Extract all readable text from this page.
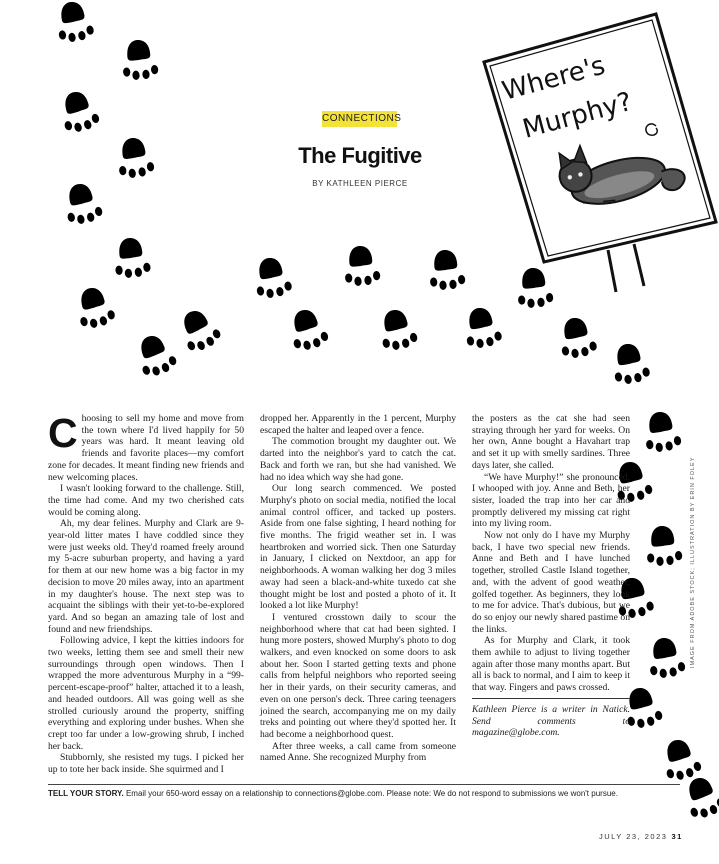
Where's
Murphy?
CONNECTIONS
The Fugitive
BY KATHLEEN PIERCE

Choosing to sell my home and move from the town where I'd lived happily for 50 years was hard. It meant leaving old friends and favorite places—my comfort zone for decades. It meant finding new friends and new welcoming places.

I wasn't looking forward to the challenge. Still, the time had come. And my two cherished cats would be coming along.

Ah, my dear felines. Murphy and Clark are 9-year-old litter mates I have coddled since they were just weeks old. They'd roamed freely around my 5-acre suburban property, and having a yard for them at our new home was a big factor in my decision to move 20 miles away, into an apartment in my daughter's house. The next step was to acquaint the siblings with their yet-to-be-explored yard. And so began an amazing tale of lost and found and new friendships.

Following advice, I kept the kitties indoors for two weeks, letting them see and smell their new surroundings through open windows. Then I wrapped the more adventurous Murphy in a “99-percent-escape-proof” halter, attached it to a leash, and headed outdoors. All was going well as she strolled curiously around the property, sniffing everything and exploring under bushes. When she crept too far under a low-growing shrub, I inched her back.

Stubbornly, she resisted my tugs. I picked her up to tote her back inside. She squirmed and I

dropped her. Apparently in the 1 percent, Murphy escaped the halter and leaped over a fence.

The commotion brought my daughter out. We darted into the neighbor's yard to catch the cat. Back and forth we ran, but she had vanished. We had no idea which way she had gone.

Our long search commenced. We posted Murphy's photo on social media, notified the local animal control officer, and tacked up posters. Aside from one false sighting, I heard nothing for five months. The frigid weather set in. I was heartbroken and worried sick. Then one Saturday in January, I clicked on Nextdoor, an app for neighborhoods. A woman walking her dog 3 miles away had seen a black-and-white tuxedo cat she thought might be lost and posted a photo of it. It looked a lot like Murphy!

I ventured crosstown daily to scour the neighborhood where that cat had been sighted. I hung more posters, showed Murphy's photo to dog walkers, and even knocked on some doors to ask about her. Soon I started getting texts and phone calls from helpful neighbors who reported seeing her in their yards, on their security cameras, and even on one person's deck. Three caring teenagers joined the search, accompanying me on my daily treks and pointing out where they'd spotted her. It had become a neighborhood quest.

After three weeks, a call came from someone named Anne. She recognized Murphy from

the posters as the cat she had seen straying through her yard for weeks. On her own, Anne bought a Havahart trap and set it up with smelly sardines. Three days later, she called.

“We have Murphy!” she pronounced. I whooped with joy. Anne and Beth, her sister, loaded the trap into her car and promptly delivered my missing cat right into my living room.

Now not only do I have my Murphy back, I have two special new friends. Anne and Beth and I have lunched together, strolled Castle Island together, and, with the advent of good weather, golfed together. As beginners, they look to me for advice. That's dubious, but we do so enjoy our newly shared pastime on the links.

As for Murphy and Clark, it took them awhile to adjust to living together again after those many months apart. But all is back to normal, and I aim to keep it that way. Fingers and paws crossed.

Kathleen Pierce is a writer in Natick. Send comments to magazine@globe.com.

TELL YOUR STORY. Email your 650-word essay on a relationship to connections@globe.com. Please note: We do not respond to submissions we won't pursue.
IMAGE FROM ADOBE STOCK; ILLUSTRATION BY ERIN FOLEY
JULY 23, 2023 31
